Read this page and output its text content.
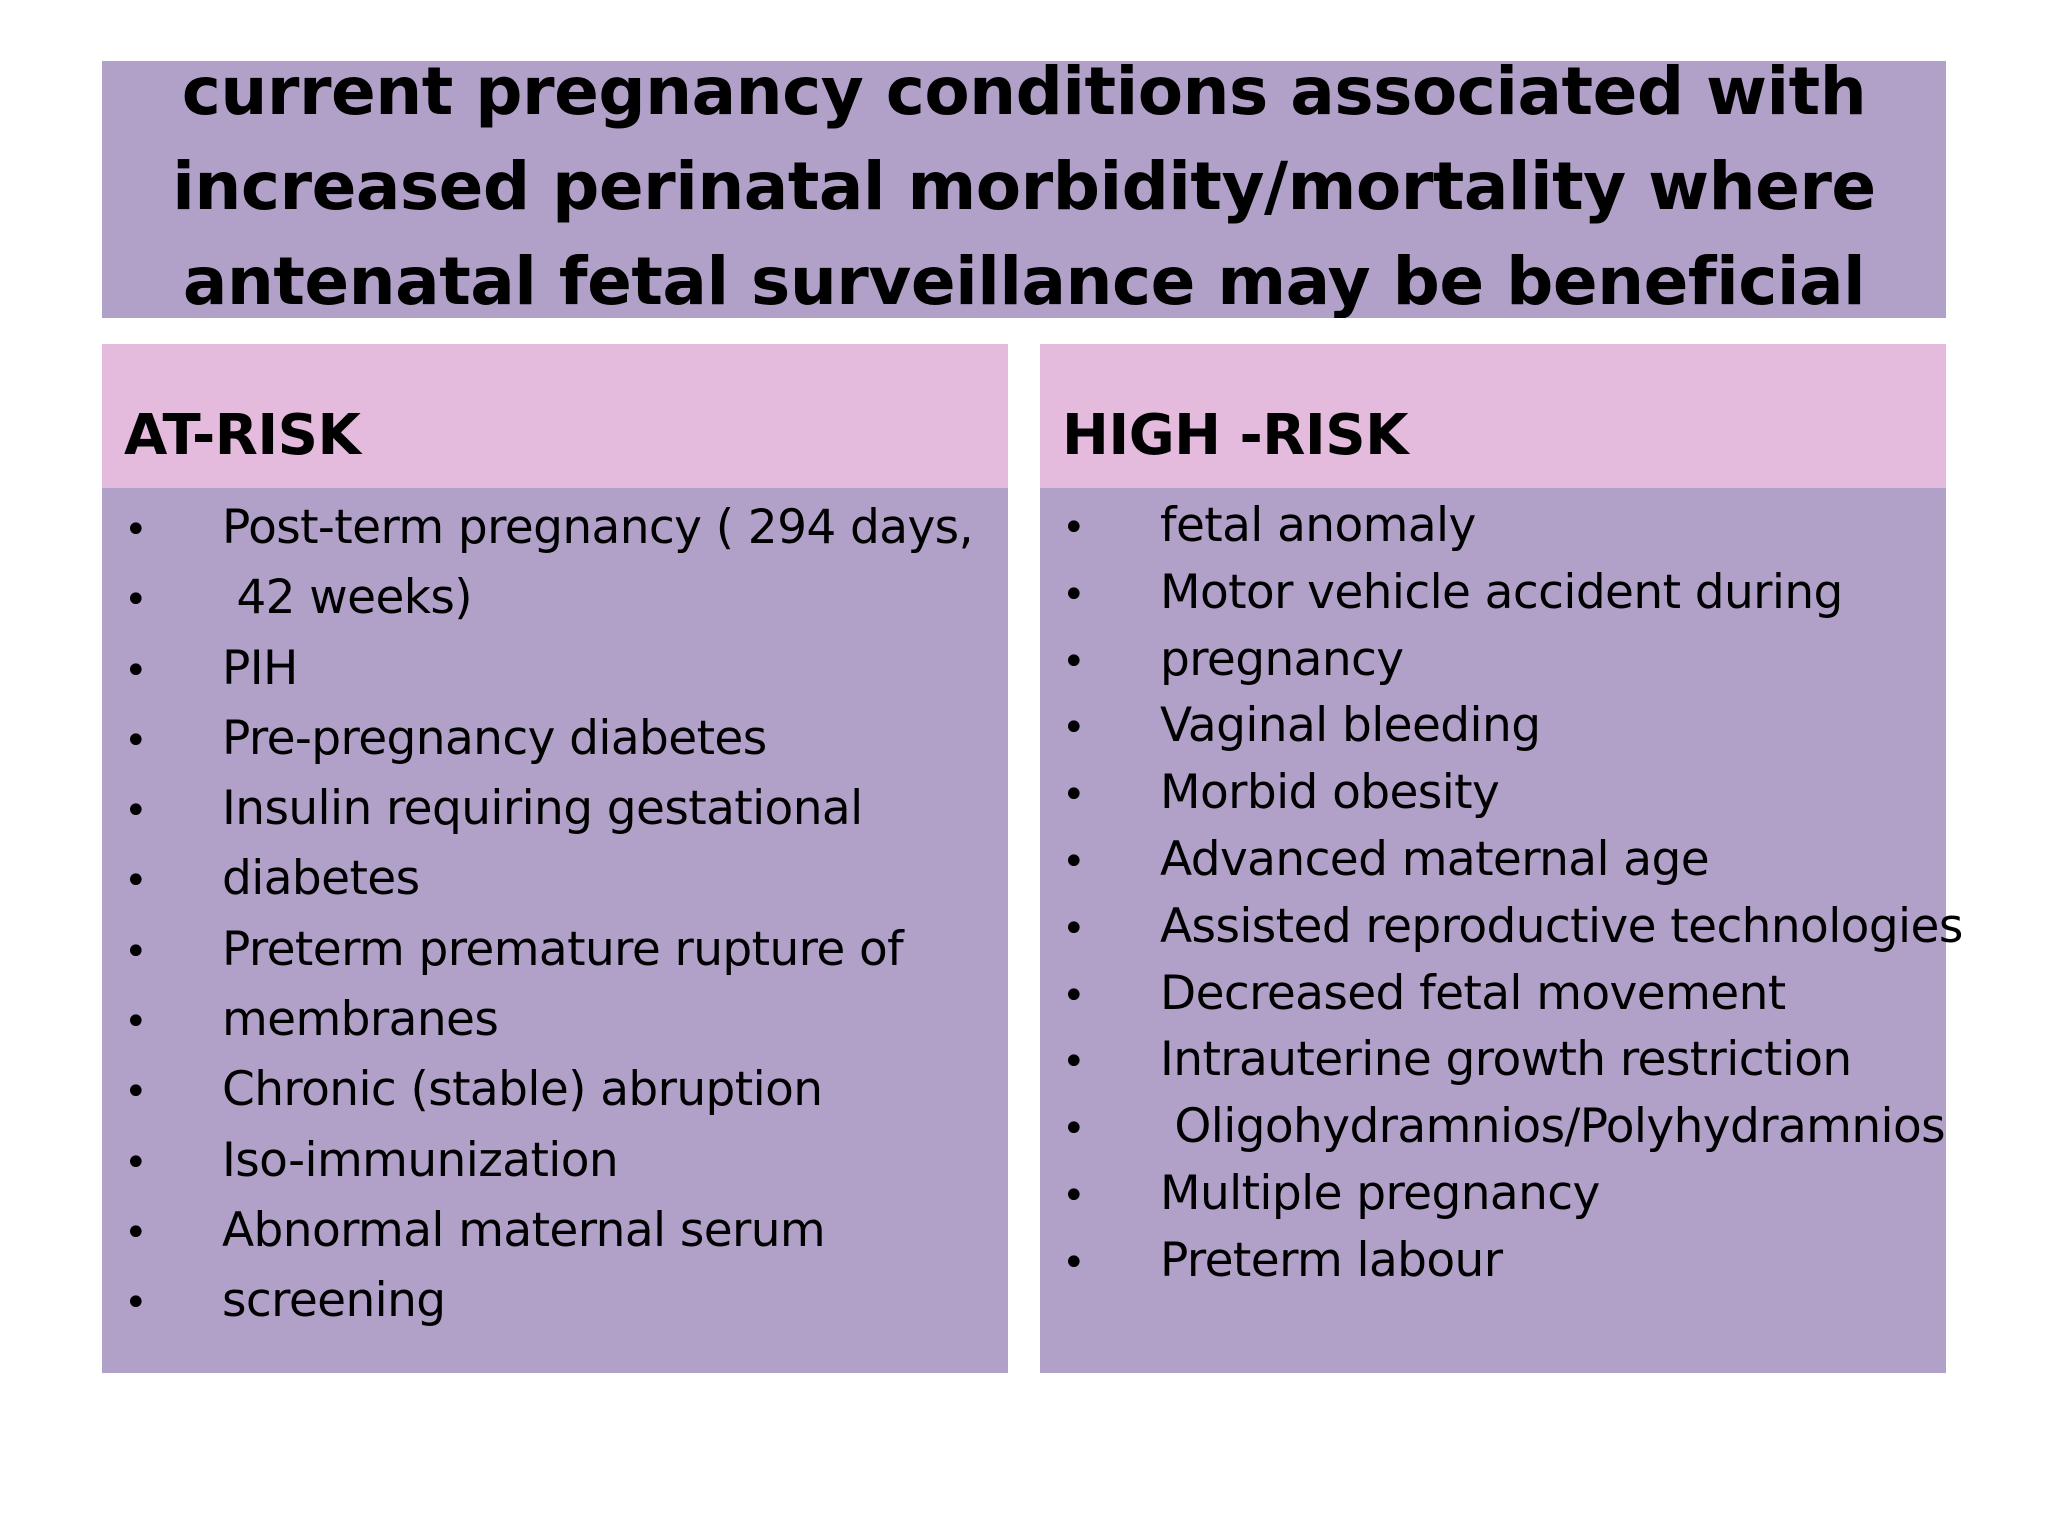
current pregnancy conditions associated with
increased perinatal morbidity/mortality where
antenatal fetal surveillance may be beneficial
AT-RISK
•	Post-term pregnancy ( 294 days,
•	42 weeks)
•	PIH
•	Pre-pregnancy diabetes
•	Insulin requiring gestational
•	diabetes
•	Preterm premature rupture of
•	membranes
•	Chronic (stable) abruption
•	Iso-immunization
•	Abnormal maternal serum
•	screening
HIGH -RISK
•	fetal anomaly
•	Motor vehicle accident during
•	pregnancy
•	Vaginal bleeding
•	Morbid obesity
•	Advanced maternal age
•	Assisted reproductive technologies
•	Decreased fetal movement
•	Intrauterine growth restriction
•	Oligohydramnios/Polyhydramnios
•	Multiple pregnancy
•	Preterm labour
